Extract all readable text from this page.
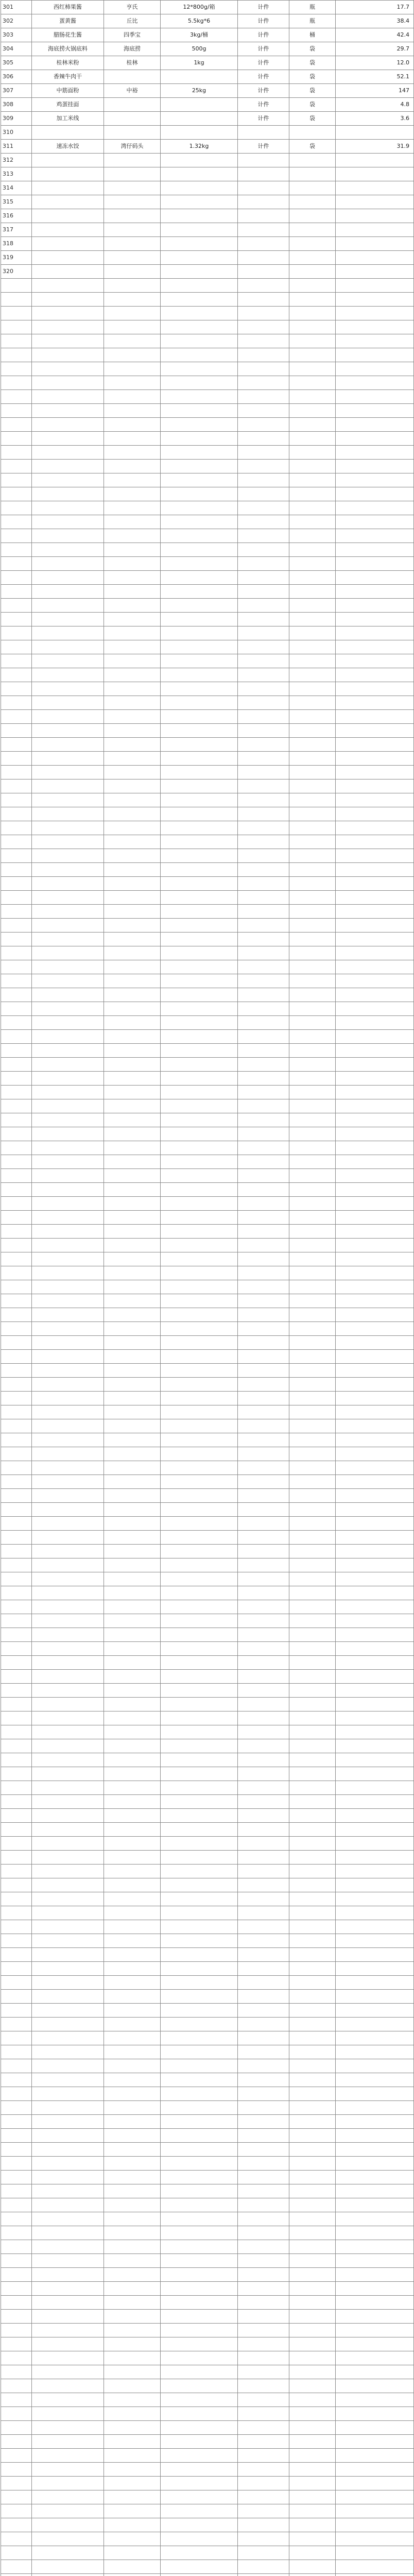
301	西红柿果酱	亨氏	12*800g/箱	计件	瓶	17.7
302	蛋黄酱	丘比	5.5kg*6	计件	瓶	38.4
303	腊肠花生酱	四季宝	3kg/桶	计件	桶	42.4
304	海底捞火锅底料	海底捞	500g	计件	袋	29.7
305	桂林米粉	桂林	1kg	计件	袋	12.0
306	香辣牛肉干			计件	袋	52.1
307	中筋面粉	中裕	25kg	计件	袋	147
308	鸡蛋挂面			计件	袋	4.8
309	加工米线			计件	袋	3.6
310						
311	速冻水饺	湾仔码头	1.32kg	计件	袋	31.9
312						
313						
314						
315						
316						
317						
318						
319						
320						
